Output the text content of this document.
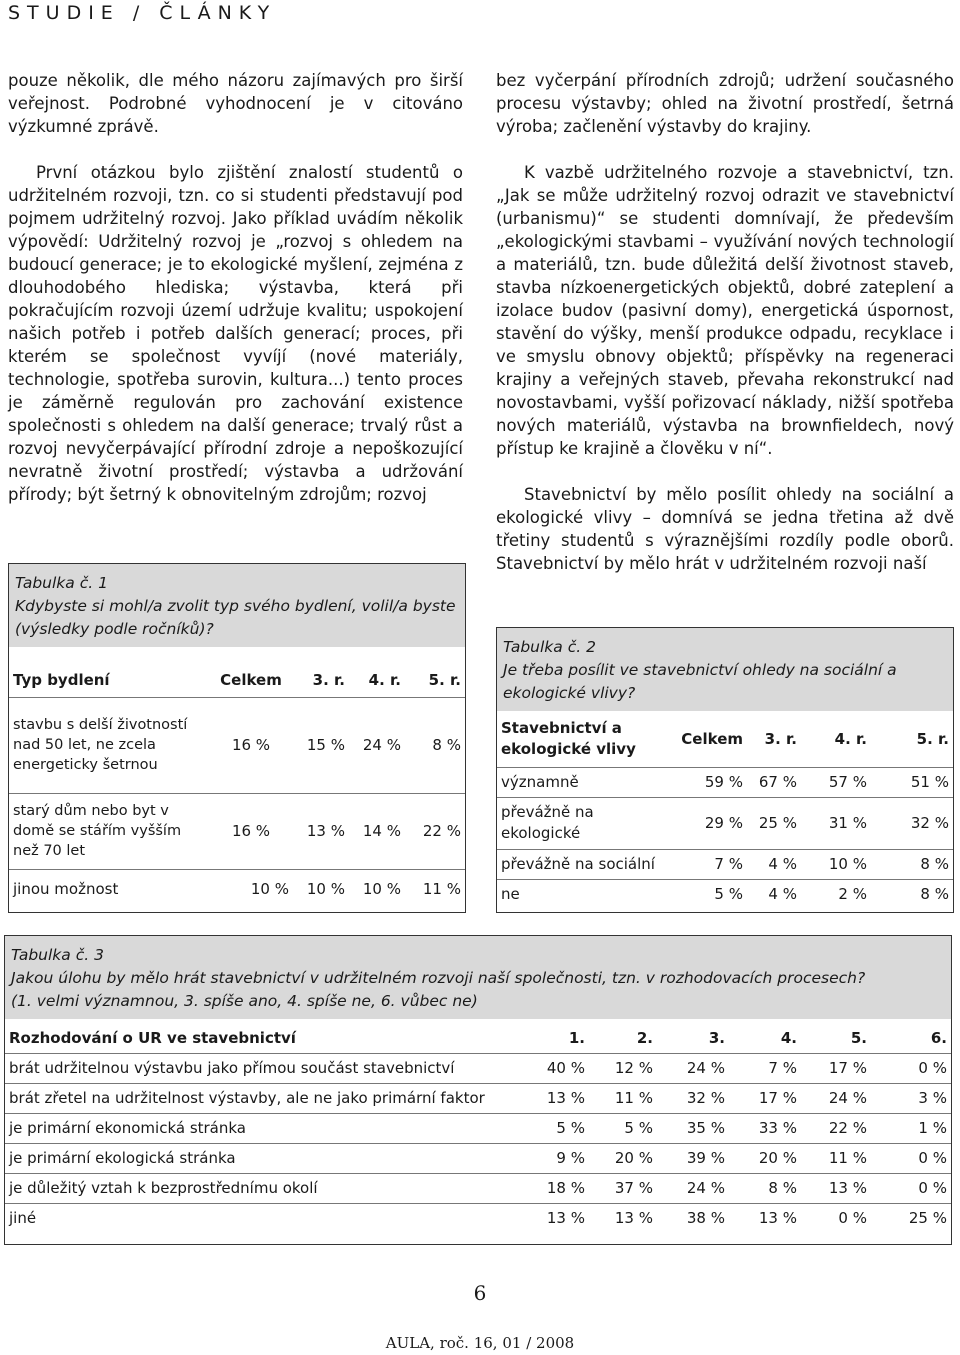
STUDIE / ČLÁNKY

pouze několik, dle mého názoru zajímavých pro širší veřejnost. Podrobné vyhodnocení je v citováno výzkumné zprávě.

První otázkou bylo zjištění znalostí studentů o udržitelném rozvoji, tzn. co si studenti představují pod pojmem udržitelný rozvoj. Jako příklad uvádím několik výpovědí: Udržitelný rozvoj je „rozvoj s ohledem na budoucí generace; je to ekologické myšlení, zejména z dlouhodobého hlediska; výstavba, která při pokračujícím rozvoji území udržuje kvalitu; uspokojení našich potřeb i potřeb dalších generací; proces, při kterém se společnost vyvíjí (nové materiály, technologie, spotřeba surovin, kultura...) tento proces je záměrně regulován pro zachování existence společnosti s ohledem na další generace; trvalý růst a rozvoj nevyčerpávající přírodní zdroje a nepoškozující nevratně životní prostředí; výstavba a udržování přírody; být šetrný k obnovitelným zdrojům; rozvoj

bez vyčerpání přírodních zdrojů; udržení současného procesu výstavby; ohled na životní prostředí, šetrná výroba; začlenění výstavby do krajiny.

K vazbě udržitelného rozvoje a stavebnictví, tzn. „Jak se může udržitelný rozvoj odrazit ve stavebnictví (urbanismu)“ se studenti domnívají, že především „ekologickými stavbami – využívání nových technologií a materiálů, tzn. bude důležitá delší životnost staveb, stavba nízkoenergetických objektů, dobré zateplení a izolace budov (pasivní domy), energetická úspornost, stavění do výšky, menší produkce odpadu, recyklace i ve smyslu obnovy objektů; příspěvky na regeneraci krajiny a veřejných staveb, převaha rekonstrukcí nad novostavbami, vyšší pořizovací náklady, nižší spotřeba nových materiálů, výstavba na brownfieldech, nový přístup ke krajině a člověku v ní“.

Stavebnictví by mělo posílit ohledy na sociální a ekologické vlivy – domnívá se jedna třetina až dvě třetiny studentů s výraznějšími rozdíly podle oborů. Stavebnictví by mělo hrát v udržitelném rozvoji naší

Tabulka č. 1
Kdybyste si mohl/a zvolit typ svého bydlení, volil/a byste (výsledky podle ročníků)?
Typ bydlení	Celkem	3. r.	4. r.	5. r.
stavbu s delší životností nad 50 let, ne zcela energeticky šetrnou	16 %	15 %	24 %	8 %
starý dům nebo byt v domě se stářím vyšším než 70 let	16 %	13 %	14 %	22 %
jinou možnost	10 %	10 %	10 %	11 %
Tabulka č. 2
Je třeba posílit ve stavebnictví ohledy na sociální a ekologické vlivy?
Stavebnictví a ekologické vlivy	Celkem	3. r.	4. r.	5. r.
významně	59 %	67 %	57 %	51 %
převážně na ekologické	29 %	25 %	31 %	32 %
převážně na sociální	7 %	4 %	10 %	8 %
ne	5 %	4 %	2 %	8 %
Tabulka č. 3
Jakou úlohu by mělo hrát stavebnictví v udržitelném rozvoji naší společnosti, tzn. v rozhodovacích procesech?
(1. velmi významnou, 3. spíše ano, 4. spíše ne, 6. vůbec ne)
Rozhodování o UR ve stavebnictví	1.	2.	3.	4.	5.	6.
brát udržitelnou výstavbu jako přímou součást stavebnictví	40 %	12 %	24 %	7 %	17 %	0 %
brát zřetel na udržitelnost výstavby, ale ne jako primární faktor	13 %	11 %	32 %	17 %	24 %	3 %
je primární ekonomická stránka	5 %	5 %	35 %	33 %	22 %	1 %
je primární ekologická stránka	9 %	20 %	39 %	20 %	11 %	0 %
je důležitý vztah k bezprostřednímu okolí	18 %	37 %	24 %	8 %	13 %	0 %
jiné	13 %	13 %	38 %	13 %	0 %	25 %
6
AULA, roč. 16, 01 / 2008
